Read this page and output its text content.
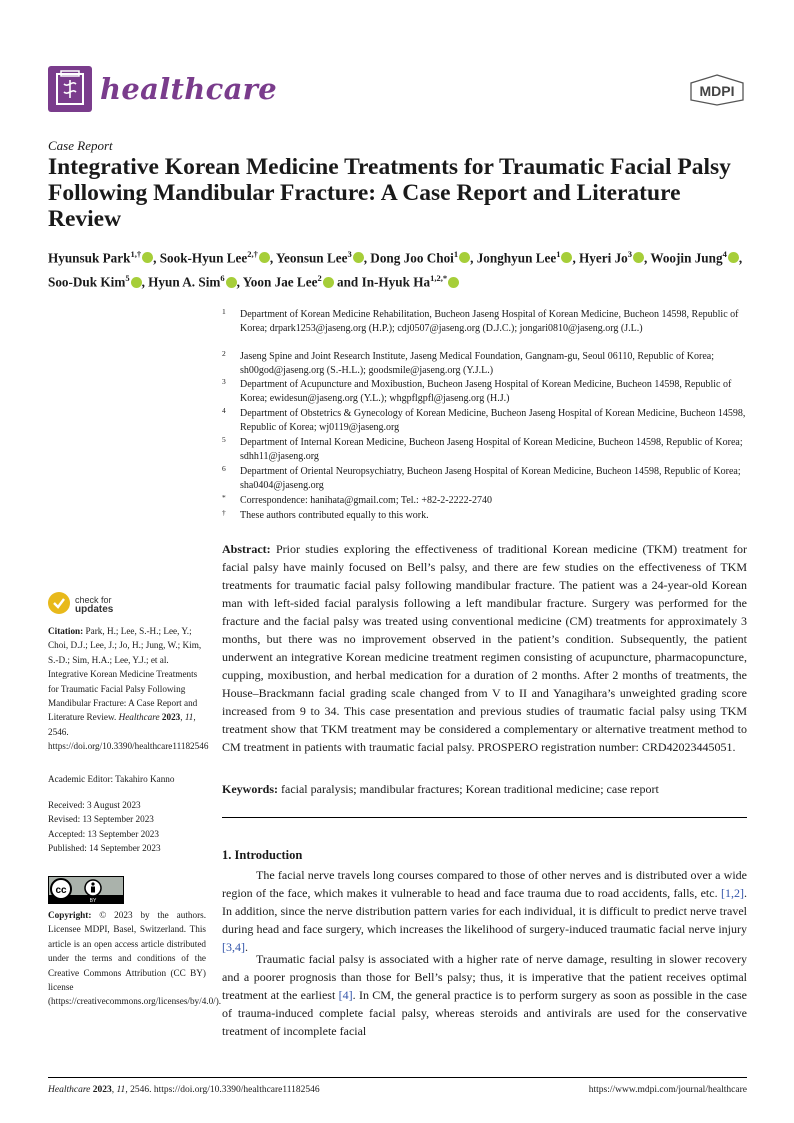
healthcare	MDPI
Case Report
Integrative Korean Medicine Treatments for Traumatic Facial Palsy Following Mandibular Fracture: A Case Report and Literature Review
Hyunsuk Park$^{1,\dagger}$ , Sook-Hyun Lee$^{2,\dagger}$ , Yeonsun Lee$^3$ , Dong Joo Choi$^1$ , Jonghyun Lee$^1$ , Hyeri Jo$^3$ , Woojin Jung$^4$ , Soo-Duk Kim$^5$ , Hyun A. Sim$^6$ , Yoon Jae Lee$^2$ and In-Hyuk $Ha^{1,2,*}$
1 Department of Korean Medicine Rehabilitation, Bucheon Jaseng Hospital of Korean Medicine, Bucheon 14598, Republic of Korea; drpark1253@jaseng.org (H.P.); cdj0507@jaseng.org (D.J.C.); jongari0810@jaseng.org (J.L.)
2 Jaseng Spine and Joint Research Institute, Jaseng Medical Foundation, Gangnam-gu, Seoul 06110, Republic of Korea; sh00god@jaseng.org (S.-H.L.); goodsmile@jaseng.org (Y.J.L.)
3 Department of Acupuncture and Moxibustion, Bucheon Jaseng Hospital of Korean Medicine, Bucheon 14598, Republic of Korea; ewidesun@jaseng.org (Y.L.); whgpflgpfl@jaseng.org (H.J.)
4 Department of Obstetrics & Gynecology of Korean Medicine, Bucheon Jaseng Hospital of Korean Medicine, Bucheon 14598, Republic of Korea; wj0119@jaseng.org
5 Department of Internal Korean Medicine, Bucheon Jaseng Hospital of Korean Medicine, Bucheon 14598, Republic of Korea; sdhh11@jaseng.org
6 Department of Oriental Neuropsychiatry, Bucheon Jaseng Hospital of Korean Medicine, Bucheon 14598, Republic of Korea; sha0404@jaseng.org
* Correspondence: hanihata@gmail.com; Tel.: +82-2-2222-2740
† These authors contributed equally to this work.
check for
updates
Citation: Park, H.; Lee, S.-H.; Lee, Y.; Choi, D.J.; Lee, J.; Jo, H.; Jung, W.; Kim, S.-D.; Sim, H.A.; Lee, Y.J.; et al. Integrative Korean Medicine Treatments for Traumatic Facial Palsy Following Mandibular Fracture: A Case Report and Literature Review. Healthcare 2023, 11, 2546. https://doi.org/10.3390/healthcare11182546
Academic Editor: Takahiro Kanno
Received: 3 August 2023
Revised: 13 September 2023
Accepted: 13 September 2023
Published: 14 September 2023
cc
BY
Copyright: © 2023 by the authors. Licensee MDPI, Basel, Switzerland. This article is an open access article distributed under the terms and conditions of the Creative Commons Attribution (CC BY) license (https://creativecommons.org/licenses/by/4.0/).
Abstract: Prior studies exploring the effectiveness of traditional Korean medicine (TKM) treatment for facial palsy have mainly focused on Bell’s palsy, and there are few studies on the effectiveness of TKM treatments for traumatic facial palsy following mandibular fracture. The patient was a 24-year-old Korean man with left-sided facial paralysis following a left mandibular fracture. Surgery was performed for the fracture and the facial palsy was treated using conventional medicine (CM) treatments for approximately 3 months, but there was no improvement observed in the patient’s condition. Subsequently, the patient underwent an integrative Korean medicine treatment regimen consisting of acupuncture, pharmacopuncture, cupping, moxibustion, and herbal medication for a duration of 2 months. After 2 months of treatments, the House–Brackmann facial grading scale changed from V to II and Yanagihara’s unweighted grading score increased from 9 to 34. This case presentation and previous studies of traumatic facial palsy using TKM treatment show that TKM treatment may be considered a complementary or alternative treatment method to CM treatment in patients with traumatic facial palsy. PROSPERO registration number: CRD42023445051.
Keywords: facial paralysis; mandibular fractures; Korean traditional medicine; case report
1. Introduction
The facial nerve travels long courses compared to those of other nerves and is distributed over a wide region of the face, which makes it vulnerable to head and face trauma due to road accidents, falls, etc. [1,2]. In addition, since the nerve distribution pattern varies for each individual, it is difficult to predict nerve travel during head and face surgery, which increases the likelihood of surgery-induced traumatic facial nerve injury [3,4].
Traumatic facial palsy is associated with a higher rate of nerve damage, resulting in slower recovery and a poorer prognosis than those for Bell’s palsy; thus, it is imperative that the patient receives optimal treatment at the earliest [4]. In CM, the general practice is to perform surgery as soon as possible in the case of trauma-induced complete facial palsy, whereas steroids and antivirals are used for the conservative treatment of incomplete facial
Healthcare 2023, 11, 2546. https://doi.org/10.3390/healthcare11182546	https://www.mdpi.com/journal/healthcare
